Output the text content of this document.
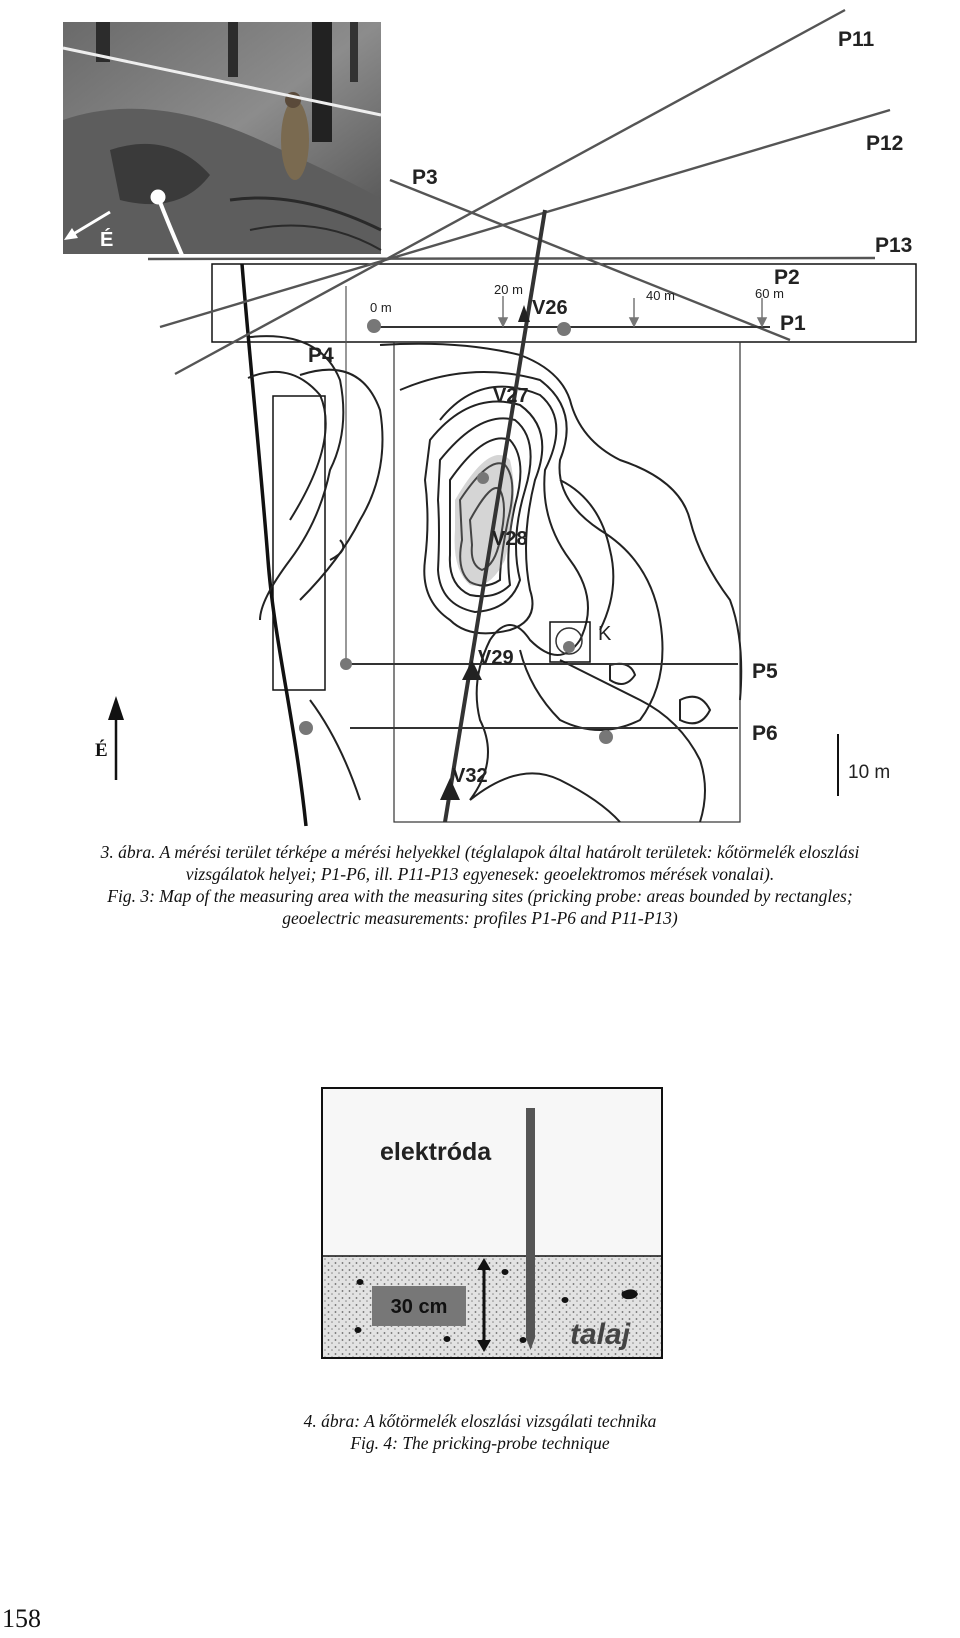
É
P11
P12
P13
P2
P1
P3
P4
P5
P6
0 m
20 m	40 m	60 m
V26
V27
V28
V29
V32
K
É
10 m
3. ábra. A mérési terület térképe a mérési helyekkel (téglalapok által határolt területek: kőtörmelék eloszlási
vizsgálatok helyei; P1-P6, ill. P11-P13 egyenesek: geoelektromos mérések vonalai).
Fig. 3: Map of the measuring area with the measuring sites (pricking probe: areas bounded by rectangles;
geoelectric measurements: profiles P1-P6 and P11-P13)
30 cm
elektróda
talaj
4. ábra: A kőtörmelék eloszlási vizsgálati technika
Fig. 4: The pricking-probe technique
158
